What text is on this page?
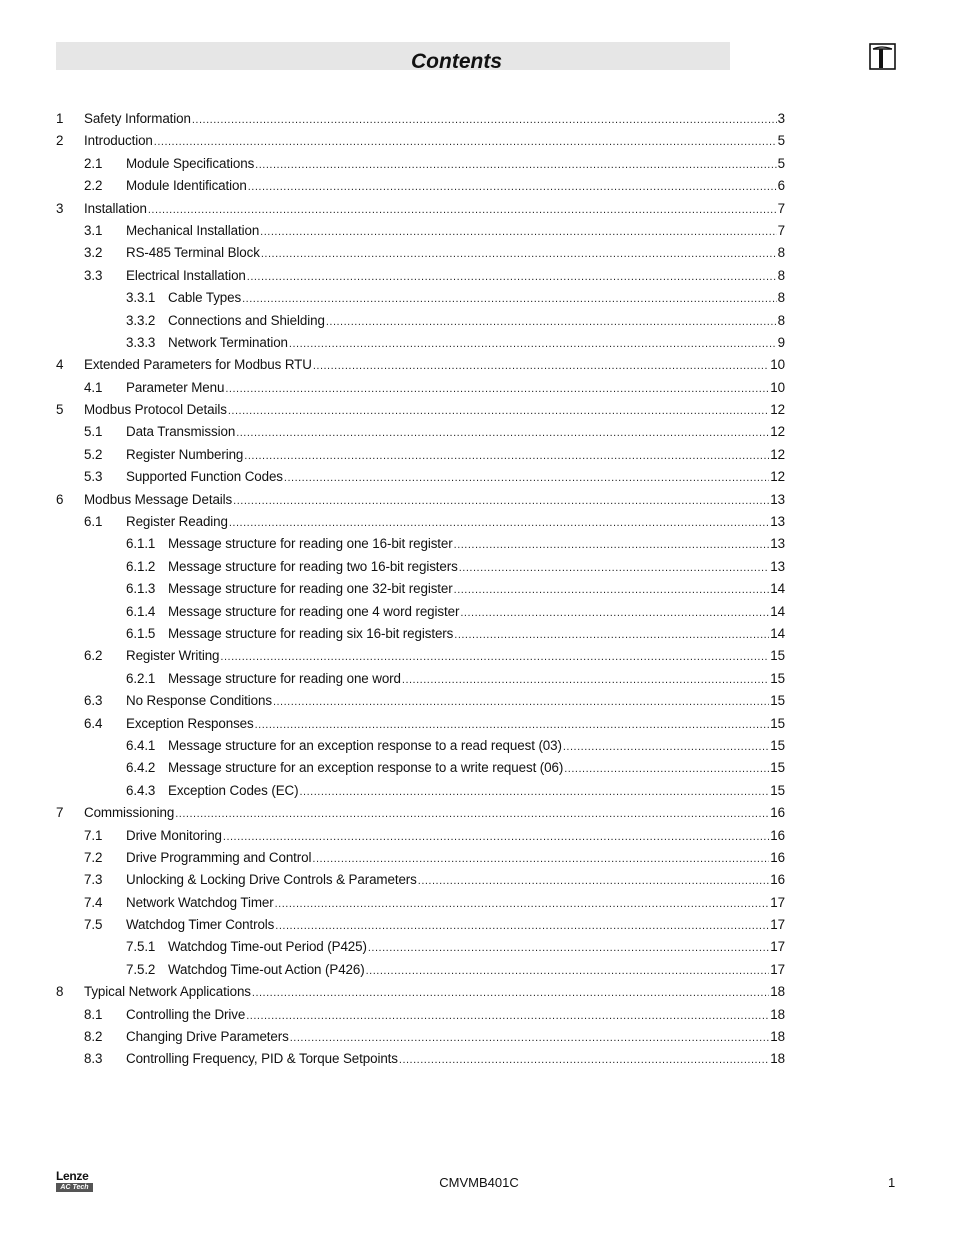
Contents
1 Safety Information .....	3
2 Introduction .....	5
2.1 Module Specifications .....	5
2.2 Module Identification .....	6
3 Installation .....	7
3.1 Mechanical Installation .....	7
3.2 RS-485 Terminal Block .....	8
3.3 Electrical Installation .....	8
3.3.1 Cable Types .....	8
3.3.2 Connections and Shielding .....	8
3.3.3 Network Termination .....	9
4 Extended Parameters for Modbus RTU .....	10
4.1 Parameter Menu .....	10
5 Modbus Protocol Details .....	12
5.1 Data Transmission .....	12
5.2 Register Numbering .....	12
5.3 Supported Function Codes .....	12
6 Modbus Message Details .....	13
6.1 Register Reading .....	13
6.1.1 Message structure for reading one 16-bit register .....	13
6.1.2 Message structure for reading two 16-bit registers .....	13
6.1.3 Message structure for reading one 32-bit register .....	14
6.1.4 Message structure for reading one 4 word register .....	14
6.1.5 Message structure for reading six 16-bit registers .....	14
6.2 Register Writing .....	15
6.2.1 Message structure for reading one word .....	15
6.3 No Response Conditions .....	15
6.4 Exception Responses .....	15
6.4.1 Message structure for an exception response to a read request (03) .....	15
6.4.2 Message structure for an exception response to a write request (06) .....	15
6.4.3 Exception Codes (EC) .....	15
7 Commissioning .....	16
7.1 Drive Monitoring .....	16
7.2 Drive Programming and Control .....	16
7.3 Unlocking & Locking Drive Controls & Parameters .....	16
7.4 Network Watchdog Timer .....	17
7.5 Watchdog Timer Controls .....	17
7.5.1 Watchdog Time-out Period (P425) .....	17
7.5.2 Watchdog Time-out Action (P426) .....	17
8 Typical Network Applications .....	18
8.1 Controlling the Drive .....	18
8.2 Changing Drive Parameters .....	18
8.3 Controlling Frequency, PID & Torque Setpoints .....	18
Lenze
AC Tech	CMVMB401C	1
